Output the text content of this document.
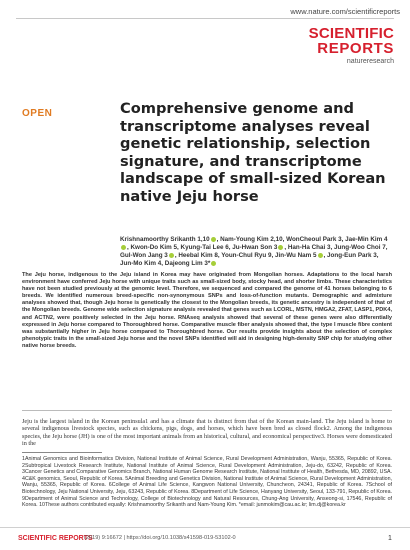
www.nature.com/scientificreports
SCIENTIFIC
REPORTS
natureresearch
OPEN	Comprehensive genome and transcriptome analyses reveal genetic relationship, selection signature, and transcriptome landscape of small-sized Korean native Jeju horse
Krishnamoorthy Srikanth 1,10 , Nam-Young Kim 2,10, WonCheoul Park 3, Jae-Min Kim 4, Kwon-Do Kim 5, Kyung-Tai Lee 6, Ju-Hwan Son 3 , Han-Ha Chai 3, Jung-Woo Choi 7, Gul-Won Jang 3 , Heebal Kim 8, Youn-Chul Ryu 9, Jin-Wu Nam 5 , Jong-Eun Park 3, Jun-Mo Kim 4, Dajeong Lim 3*
The Jeju horse, indigenous to the Jeju island in Korea may have originated from Mongolian horses. Adaptations to the local harsh environment have conferred Jeju horse with unique traits such as small-sized body, stocky head, and shorter limbs. These characteristics have not been studied previously at the genomic level. Therefore, we sequenced and compared the genome of 41 horses belonging to 6 breeds. We identified numerous breed-specific non-synonymous SNPs and loss-of-function mutants. Demographic and admixture analyses showed that, though Jeju horse is genetically the closest to the Mongolian breeds, its genetic ancestry is independent of that of the Mongolian breeds. Genome wide selection signature analysis revealed that genes such as LCORL, MSTN, HMGA2, ZFAT, LASP1, PDK4, and ACTN2, were positively selected in the Jeju horse. RNAseq analysis showed that several of these genes were also differentially expressed in Jeju horse compared to Thoroughbred horse. Comparative muscle fiber analysis showed that, the type I muscle fibre content was substantially higher in Jeju horse compared to Thoroughbred horse. Our results provide insights about the selection of complex phenotypic traits in the small-sized Jeju horse and the novel SNPs identified will aid in designing high-density SNP chip for studying other native horse breeds.
Jeju is the largest island in the Korean peninsula1 and has a climate that is distinct from that of the Korean main-land. The Jeju island is home to several indigenous livestock species, such as chickens, pigs, dogs, and horses, which have been bred as closed flock2. Among the indigenous species, the Jeju horse (JH) is one of the most important animals from an historical, cultural, and economical perspective3. Horses were domesticated in the
1Animal Genomics and Bioinformatics Division, National Institute of Animal Science, Rural Development Administration, Wanju, 55365, Republic of Korea. 2Subtropical Livestock Research Institute, National Institute of Animal Science, Rural Development Administration, Jeju-do, 63242, Republic of Korea. 3Cancer Genetics and Comparative Genomics Branch, National Human Genome Research Institute, National Institute of Health, Bethesda, MD, 20892, USA. 4C&K genomics, Seoul, Republic of Korea. 5Animal Breeding and Genetics Division, National Institute of Animal Science, Rural Development Administration, Wanju, 55365, Republic of Korea. 6College of Animal Life Science, Kangwon National University, Chuncheon, 24341, Republic of Korea. 7School of Biotechnology, Jeju National University, Jeju, 63243, Republic of Korea. 8Department of Life Science, Hanyang University, Seoul, 133-791, Republic of Korea. 9Department of Animal Science and Technology, College of Biotechnology and Natural Resources, Chung-Ang University, Anseong-si, 17546, Republic of Korea. 10These authors contributed equally: Krishnamoorthy Srikanth and Nam-Young Kim. *email: junmokim@cau.ac.kr; lim.dj@korea.kr
SCIENTIFIC REPORTS
(2019) 9:16672 | https://doi.org/10.1038/s41598-019-53102-0	1
